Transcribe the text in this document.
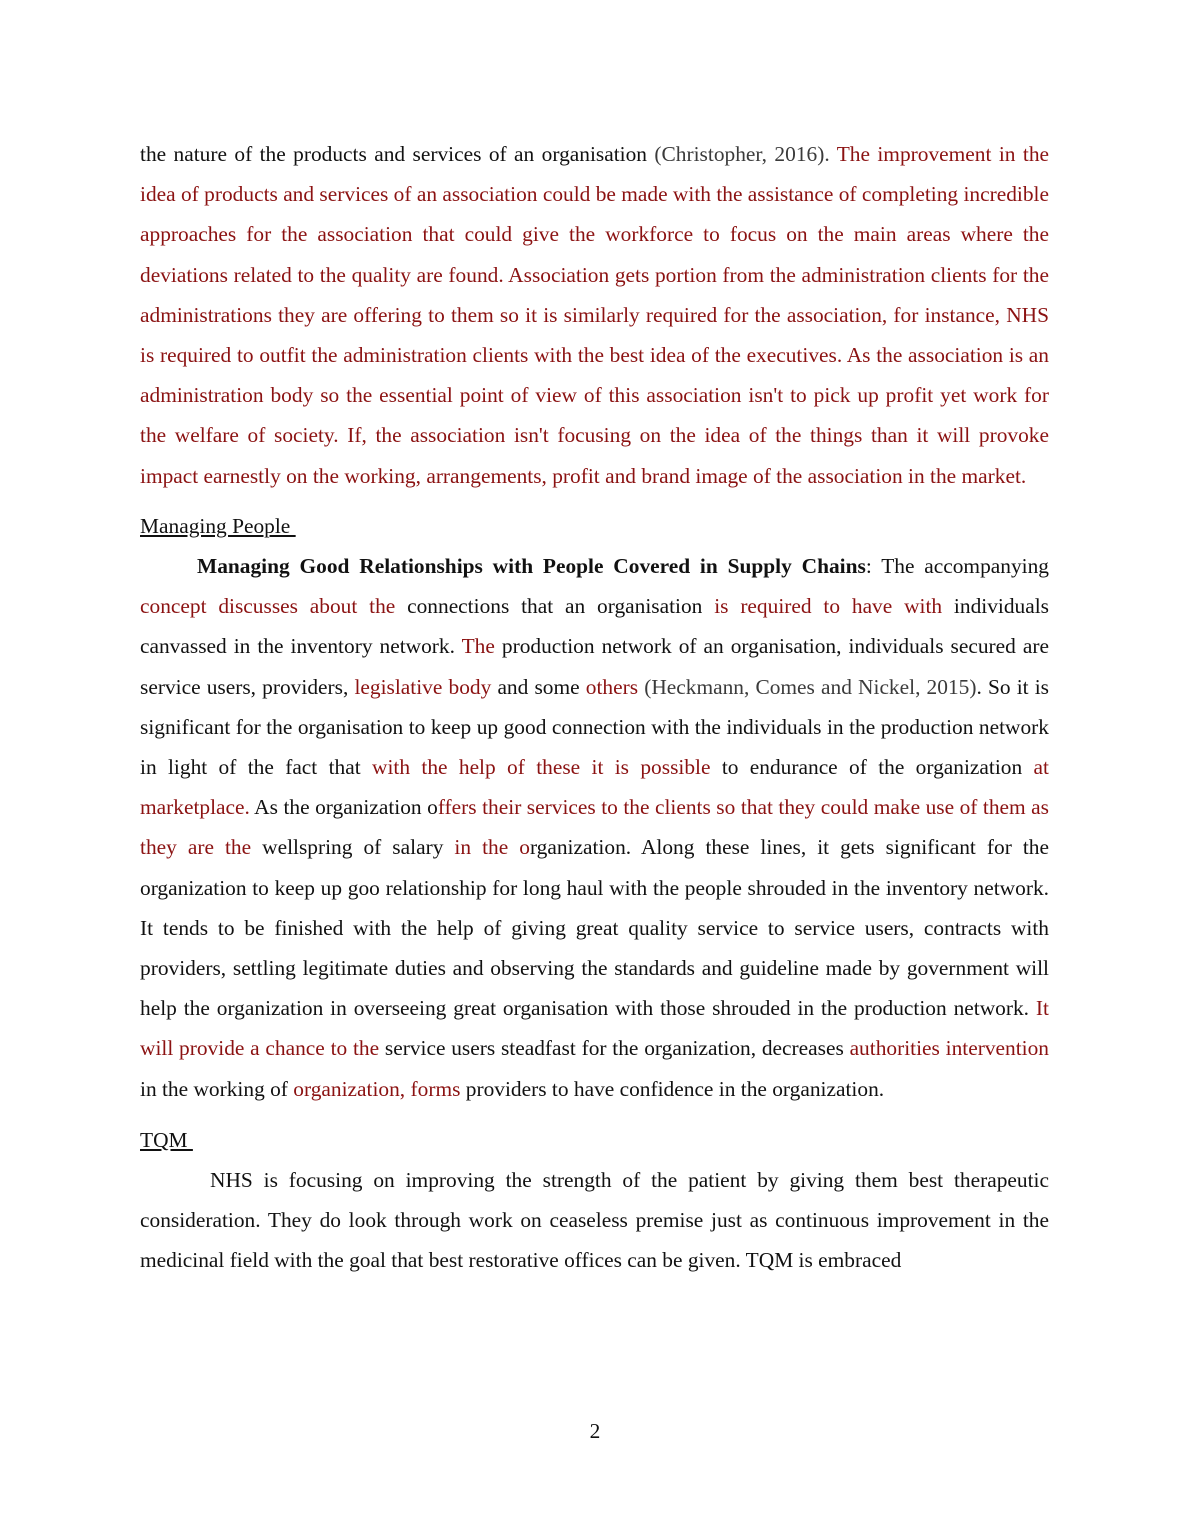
the nature of the products and services of an organisation (Christopher, 2016). The improvement in the idea of products and services of an association could be made with the assistance of completing incredible approaches for the association that could give the workforce to focus on the main areas where the deviations related to the quality are found. Association gets portion from the administration clients for the administrations they are offering to them so it is similarly required for the association, for instance, NHS is required to outfit the administration clients with the best idea of the executives. As the association is an administration body so the essential point of view of this association isn't to pick up profit yet work for the welfare of society. If, the association isn't focusing on the idea of the things than it will provoke impact earnestly on the working, arrangements, profit and brand image of the association in the market.

Managing People

Managing Good Relationships with People Covered in Supply Chains: The accompanying concept discusses about the connections that an organisation is required to have with individuals canvassed in the inventory network. The production network of an organisation, individuals secured are service users, providers, legislative body and some others (Heckmann, Comes and Nickel, 2015). So it is significant for the organisation to keep up good connection with the individuals in the production network in light of the fact that with the help of these it is possible to endurance of the organization at marketplace. As the organization offers their services to the clients so that they could make use of them as they are the wellspring of salary in the organization. Along these lines, it gets significant for the organization to keep up goo relationship for long haul with the people shrouded in the inventory network. It tends to be finished with the help of giving great quality service to service users, contracts with providers, settling legitimate duties and observing the standards and guideline made by government will help the organization in overseeing great organisation with those shrouded in the production network. It will provide a chance to the service users steadfast for the organization, decreases authorities intervention in the working of organization, forms providers to have confidence in the organization.

TQM

NHS is focusing on improving the strength of the patient by giving them best therapeutic consideration. They do look through work on ceaseless premise just as continuous improvement in the medicinal field with the goal that best restorative offices can be given. TQM is embraced

2
